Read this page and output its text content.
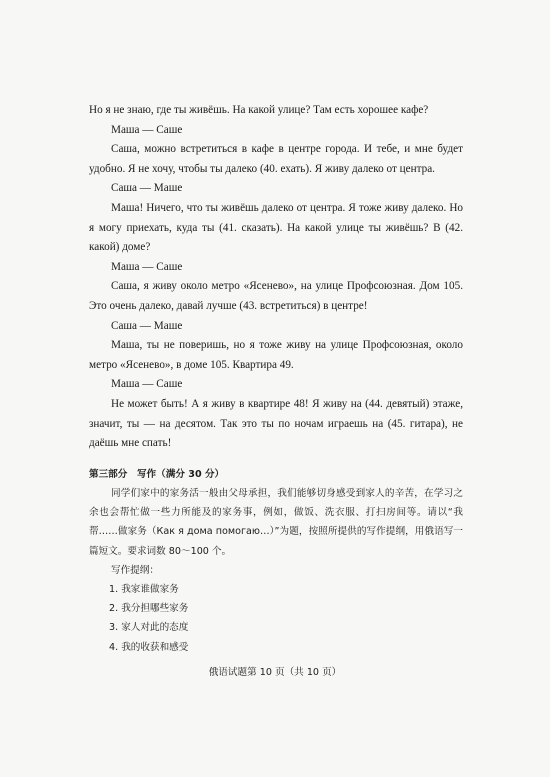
Но я не знаю, где ты живёшь. На какой улице? Там есть хорошее кафе?

Маша — Саше

Саша, можно встретиться в кафе в центре города. И тебе, и мне будет удобно. Я не хочу, чтобы ты далеко (40. ехать). Я живу далеко от центра.

Саша — Маше

Маша! Ничего, что ты живёшь далеко от центра. Я тоже живу далеко. Но я могу приехать, куда ты (41. сказать). На какой улице ты живёшь? В (42. какой) доме?

Маша — Саше

Саша, я живу около метро «Ясенево», на улице Профсоюзная. Дом 105. Это очень далеко, давай лучше (43. встретиться) в центре!

Саша — Маше

Маша, ты не поверишь, но я тоже живу на улице Профсоюзная, около метро «Ясенево», в доме 105. Квартира 49.

Маша — Саше

Не может быть! А я живу в квартире 48! Я живу на (44. девятый) этаже, значит, ты — на десятом. Так это ты по ночам играешь на (45. гитара), не даёшь мне спать!

第三部分　写作（满分 30 分）

同学们家中的家务活一般由父母承担，我们能够切身感受到家人的辛苦，在学习之余也会帮忙做一些力所能及的家务事，例如，做饭、洗衣服、打扫房间等。请以“我帮……做家务（Как я дома помогаю…）”为题，按照所提供的写作提纲，用俄语写一篇短文。要求词数 80～100 个。

写作提纲：

1. 我家谁做家务

2. 我分担哪些家务

3. 家人对此的态度

4. 我的收获和感受

俄语试题第 10 页（共 10 页）
